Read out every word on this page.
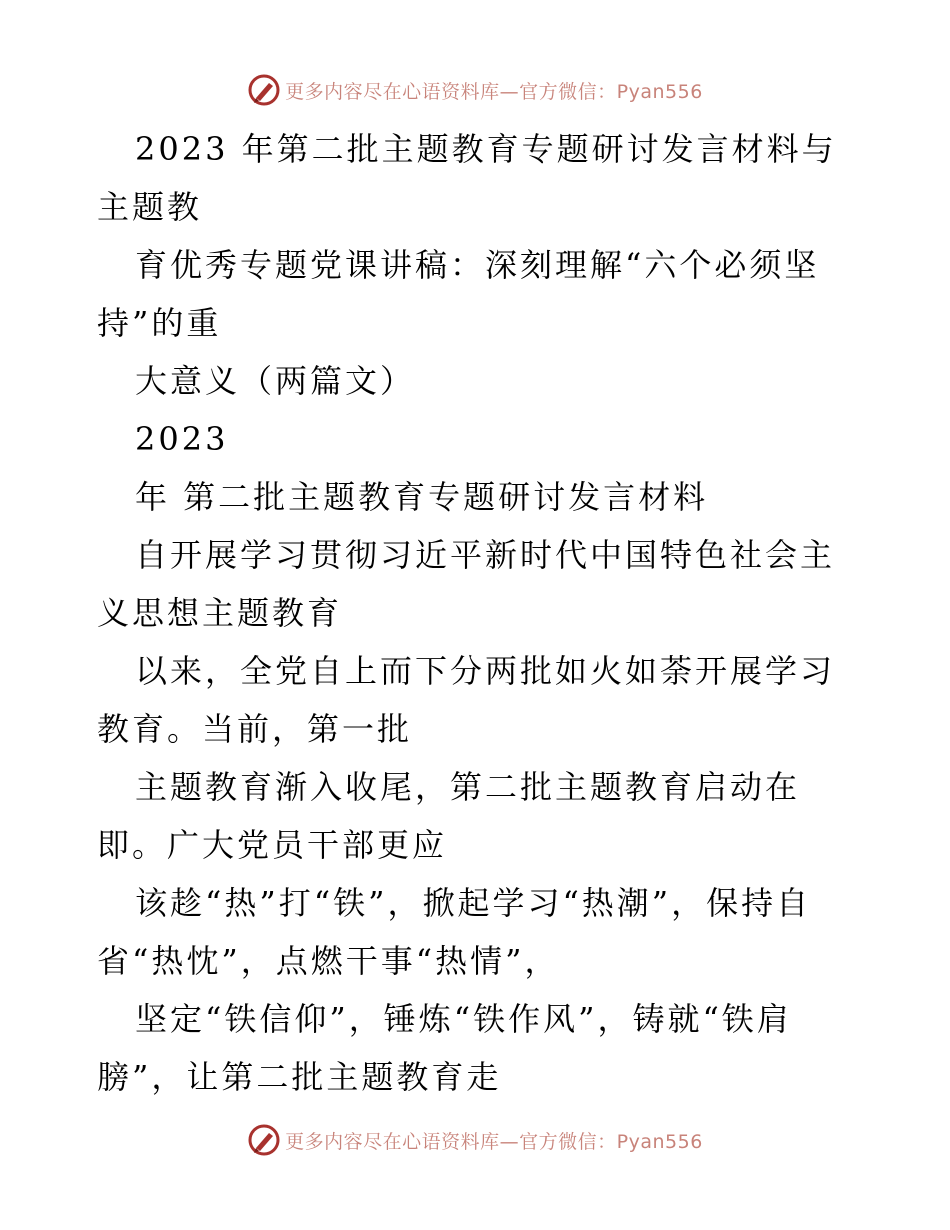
更多内容尽在心语资料库—官方微信：Pyan556

2023 年第二批主题教育专题研讨发言材料与主题教

育优秀专题党课讲稿：深刻理解“六个必须坚持”的重

大意义（两篇文）

2023

年 第二批主题教育专题研讨发言材料

自开展学习贯彻习近平新时代中国特色社会主义思想主题教育

以来，全党自上而下分两批如火如荼开展学习教育。当前，第一批

主题教育渐入收尾，第二批主题教育启动在即。广大党员干部更应

该趁“热”打“铁”，掀起学习“热潮”，保持自省“热忱”，点燃干事“热情”，

坚定“铁信仰”，锤炼“铁作风”，铸就“铁肩膀”，让第二批主题教育走

更多内容尽在心语资料库—官方微信：Pyan556
